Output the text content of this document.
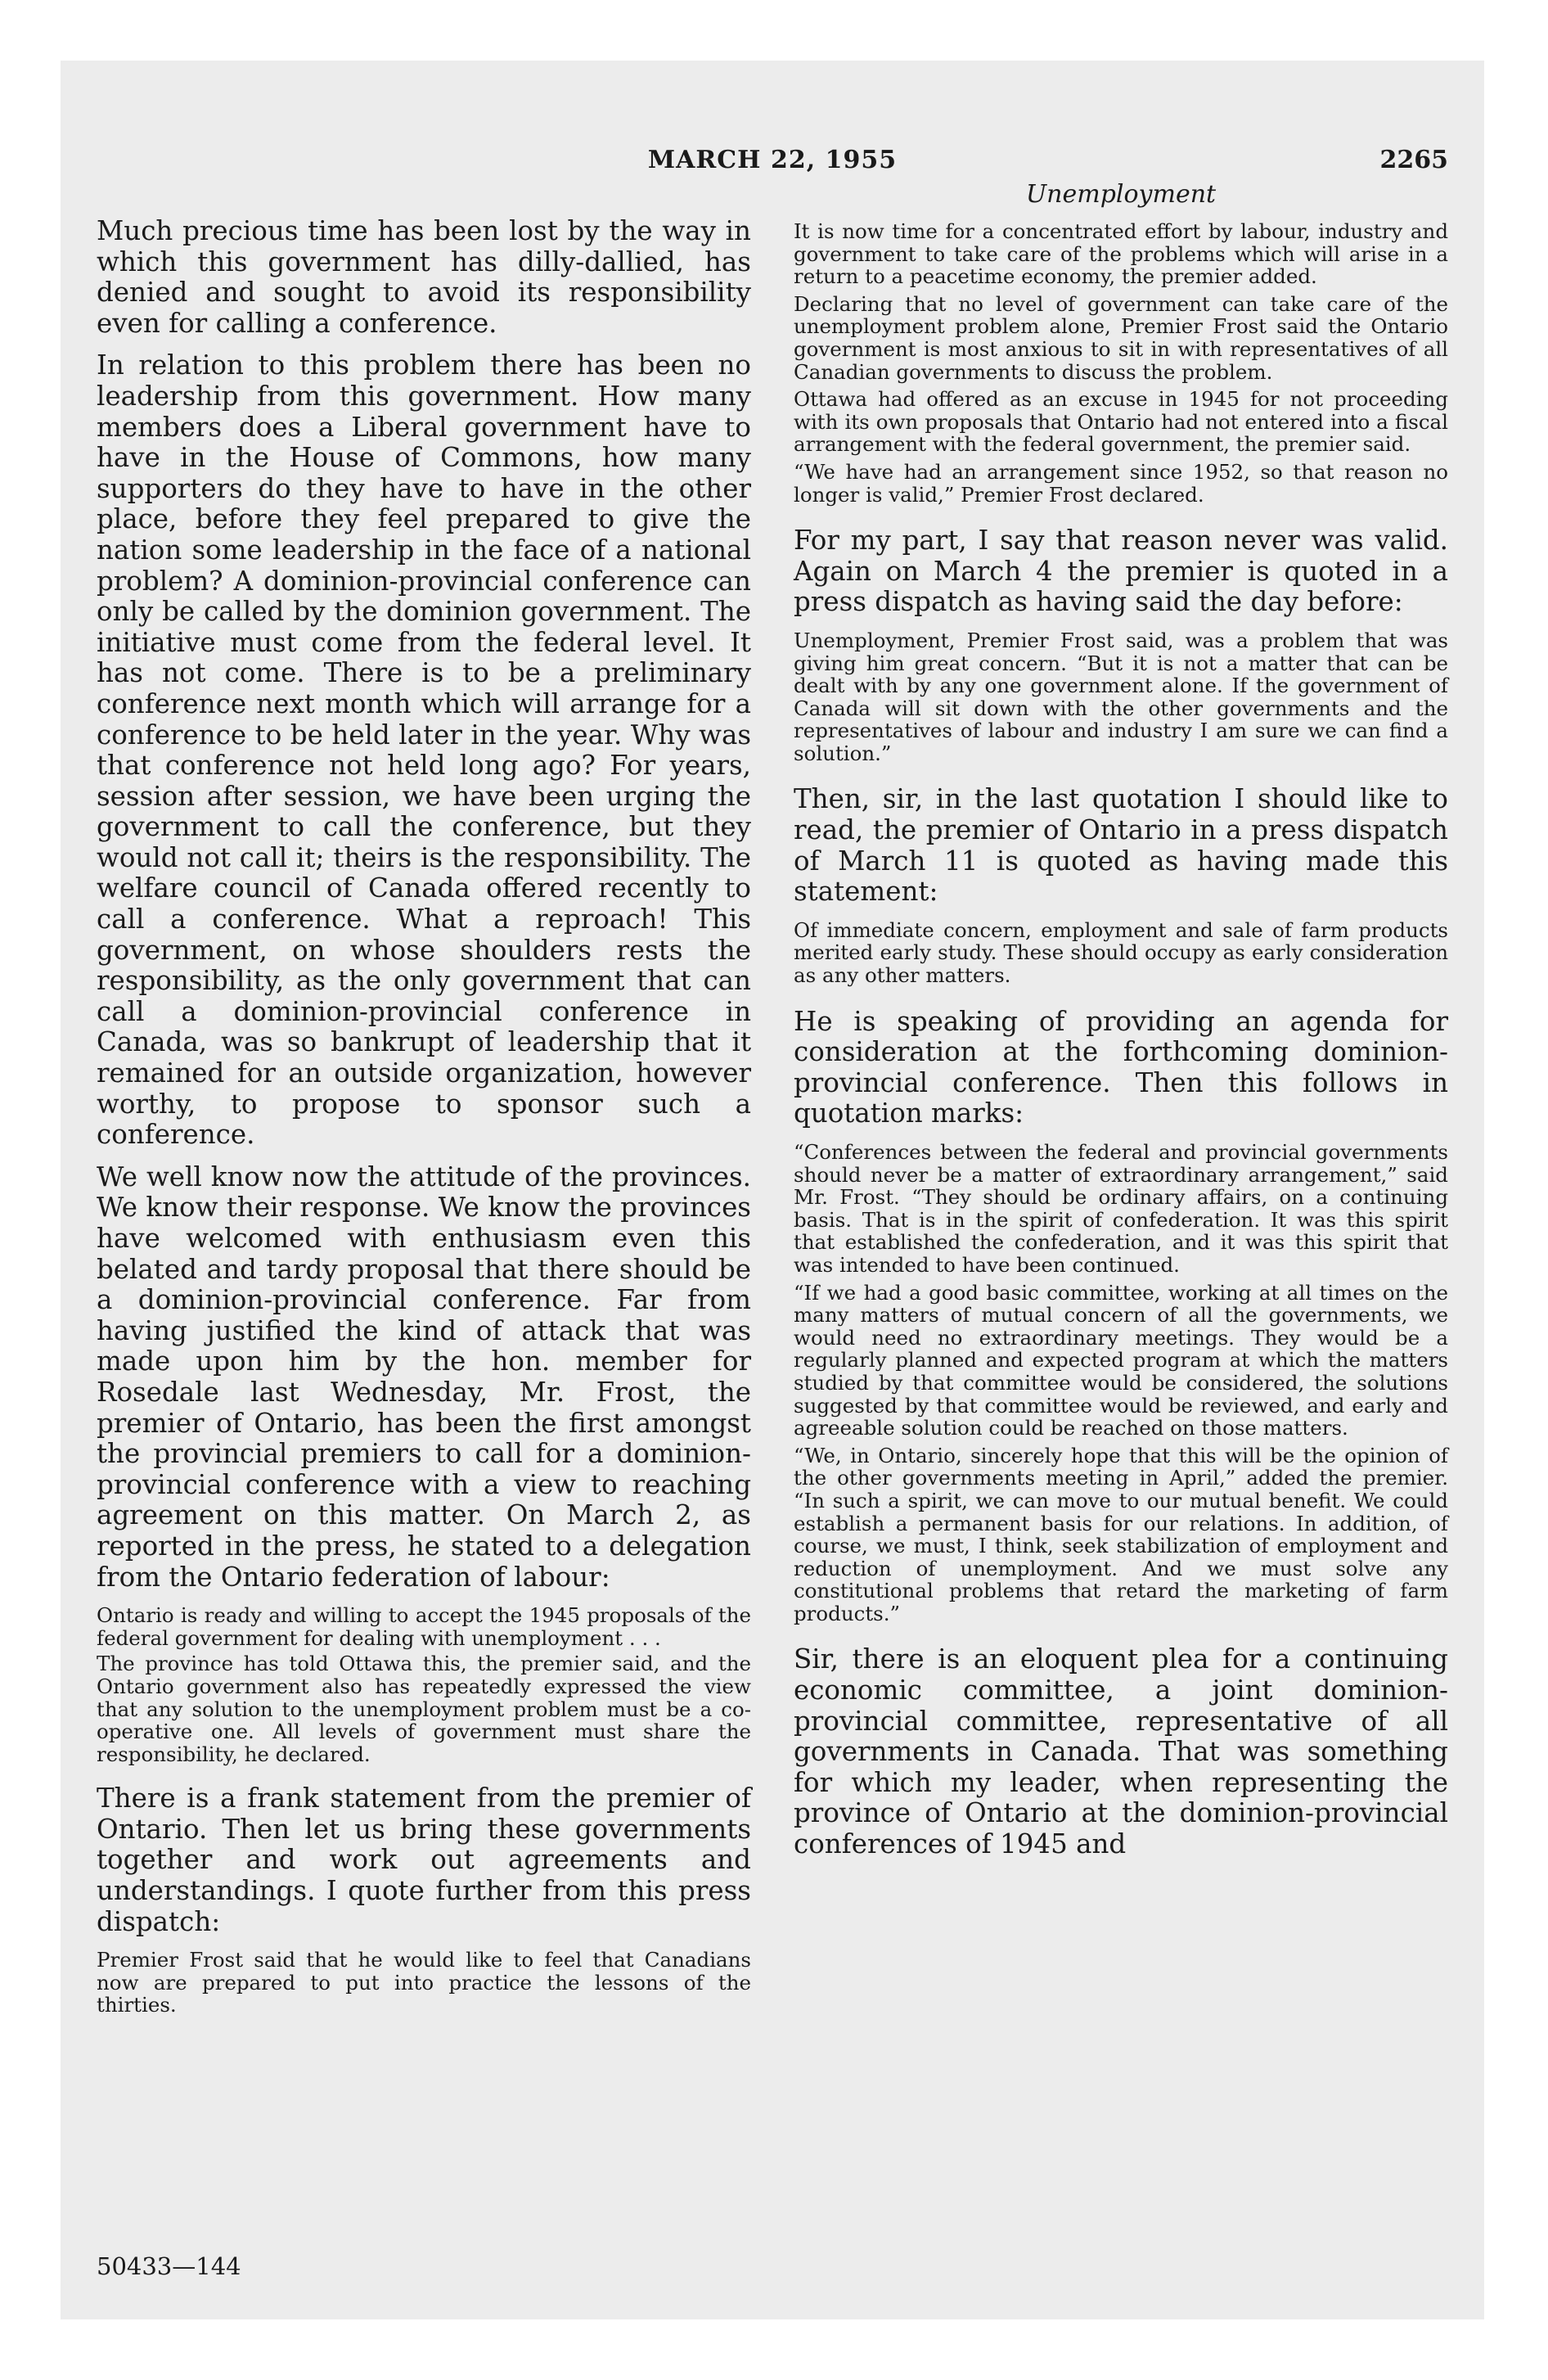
MARCH 22, 1955	2265

Much precious time has been lost by the way in which this government has dilly-dallied, has denied and sought to avoid its responsibility even for calling a conference.

In relation to this problem there has been no leadership from this government. How many members does a Liberal government have to have in the House of Commons, how many supporters do they have to have in the other place, before they feel prepared to give the nation some leadership in the face of a national problem? A dominion-provincial conference can only be called by the dominion government. The initiative must come from the federal level. It has not come. There is to be a preliminary conference next month which will arrange for a conference to be held later in the year. Why was that conference not held long ago? For years, session after session, we have been urging the government to call the conference, but they would not call it; theirs is the responsibility. The welfare council of Canada offered recently to call a conference. What a reproach! This government, on whose shoulders rests the responsibility, as the only government that can call a dominion-provincial conference in Canada, was so bankrupt of leadership that it remained for an outside organization, however worthy, to propose to sponsor such a conference.

We well know now the attitude of the provinces. We know their response. We know the provinces have welcomed with enthusiasm even this belated and tardy proposal that there should be a dominion-provincial conference. Far from having justified the kind of attack that was made upon him by the hon. member for Rosedale last Wednesday, Mr. Frost, the premier of Ontario, has been the first amongst the provincial premiers to call for a dominion-provincial conference with a view to reaching agreement on this matter. On March 2, as reported in the press, he stated to a delegation from the Ontario federation of labour:

Ontario is ready and willing to accept the 1945 proposals of the federal government for dealing with unemployment . . .

The province has told Ottawa this, the premier said, and the Ontario government also has repeatedly expressed the view that any solution to the unemployment problem must be a co-operative one. All levels of government must share the responsibility, he declared.

There is a frank statement from the premier of Ontario. Then let us bring these governments together and work out agreements and understandings. I quote further from this press dispatch:

Premier Frost said that he would like to feel that Canadians now are prepared to put into practice the lessons of the thirties.

50433—144
Unemployment

It is now time for a concentrated effort by labour, industry and government to take care of the problems which will arise in a return to a peacetime economy, the premier added.

Declaring that no level of government can take care of the unemployment problem alone, Premier Frost said the Ontario government is most anxious to sit in with representatives of all Canadian governments to discuss the problem.

Ottawa had offered as an excuse in 1945 for not proceeding with its own proposals that Ontario had not entered into a fiscal arrangement with the federal government, the premier said.

“We have had an arrangement since 1952, so that reason no longer is valid,” Premier Frost declared.

For my part, I say that reason never was valid. Again on March 4 the premier is quoted in a press dispatch as having said the day before:

Unemployment, Premier Frost said, was a problem that was giving him great concern. “But it is not a matter that can be dealt with by any one government alone. If the government of Canada will sit down with the other governments and the representatives of labour and industry I am sure we can find a solution.”

Then, sir, in the last quotation I should like to read, the premier of Ontario in a press dispatch of March 11 is quoted as having made this statement:

Of immediate concern, employment and sale of farm products merited early study. These should occupy as early consideration as any other matters.

He is speaking of providing an agenda for consideration at the forthcoming dominion-provincial conference. Then this follows in quotation marks:

“Conferences between the federal and provincial governments should never be a matter of extraordinary arrangement,” said Mr. Frost. “They should be ordinary affairs, on a continuing basis. That is in the spirit of confederation. It was this spirit that established the confederation, and it was this spirit that was intended to have been continued.

“If we had a good basic committee, working at all times on the many matters of mutual concern of all the governments, we would need no extraordinary meetings. They would be a regularly planned and expected program at which the matters studied by that committee would be considered, the solutions suggested by that committee would be reviewed, and early and agreeable solution could be reached on those matters.

“We, in Ontario, sincerely hope that this will be the opinion of the other governments meeting in April,” added the premier. “In such a spirit, we can move to our mutual benefit. We could establish a permanent basis for our relations. In addition, of course, we must, I think, seek stabilization of employment and reduction of unemployment. And we must solve any constitutional problems that retard the marketing of farm products.”

Sir, there is an eloquent plea for a continuing economic committee, a joint dominion-provincial committee, representative of all governments in Canada. That was something for which my leader, when representing the province of Ontario at the dominion-provincial conferences of 1945 and
